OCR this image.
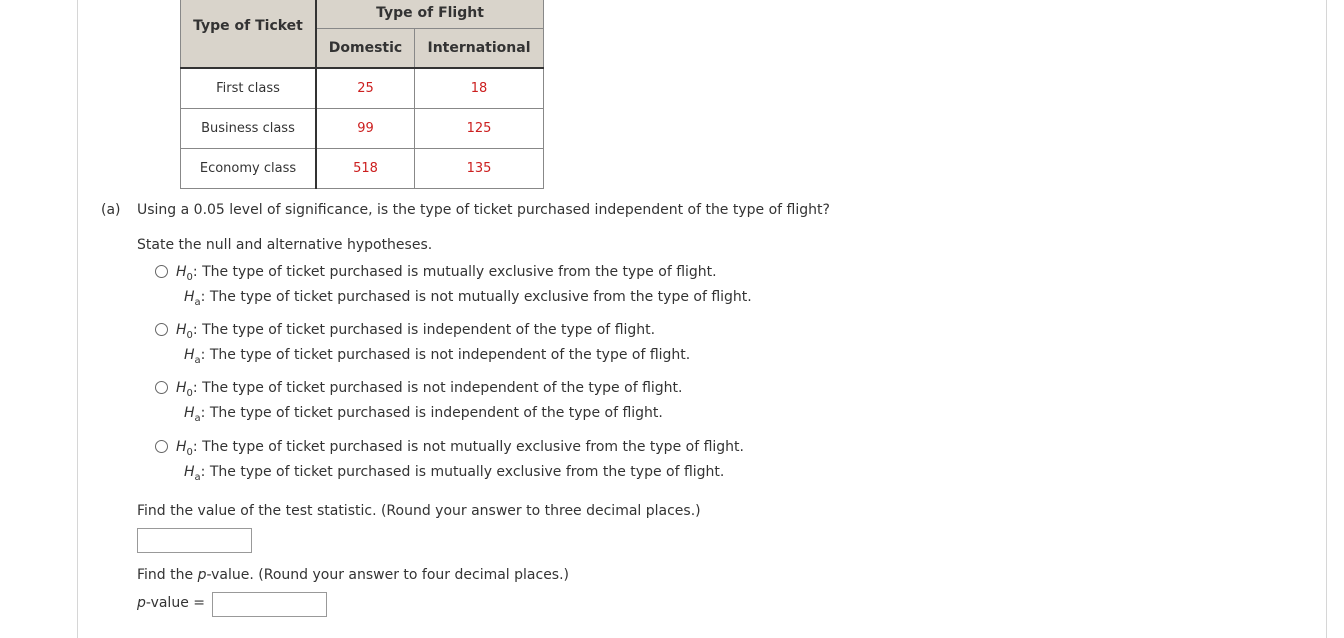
Type of Ticket	Type of Flight	
	Domestic	International
First class	25	18
Business class	99	125
Economy class	518	135
(a) Using a 0.05 level of significance, is the type of ticket purchased independent of the type of flight?
State the null and alternative hypotheses.
$H_0$: The type of ticket purchased is mutually exclusive from the type of flight.
$H_a$: The type of ticket purchased is not mutually exclusive from the type of flight.
$H_0$: The type of ticket purchased is independent of the type of flight.
$H_a$: The type of ticket purchased is not independent of the type of flight.
$H_0$: The type of ticket purchased is not independent of the type of flight.
$H_a$: The type of ticket purchased is independent of the type of flight.
$H_0$: The type of ticket purchased is not mutually exclusive from the type of flight.
$H_a$: The type of ticket purchased is mutually exclusive from the type of flight.
Find the value of the test statistic. (Round your answer to three decimal places.)
Find the p-value. (Round your answer to four decimal places.)
p-value =
